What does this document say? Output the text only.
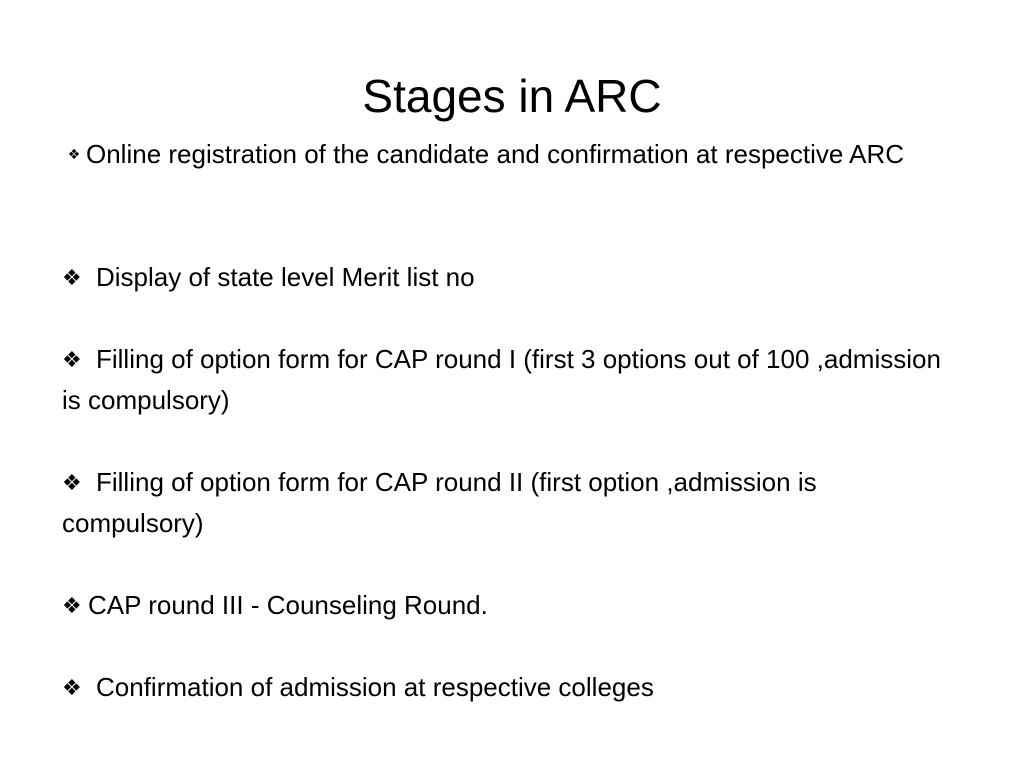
Stages in ARC
❖ Online registration of the candidate and confirmation at respective ARC
❖ Display of state level Merit list no
❖ Filling of option form for CAP round I (first 3 options out of 100 ,admission is compulsory)
❖ Filling of option form for CAP round II (first option ,admission is compulsory)
❖ CAP round III - Counseling Round.
❖ Confirmation of admission at respective colleges
